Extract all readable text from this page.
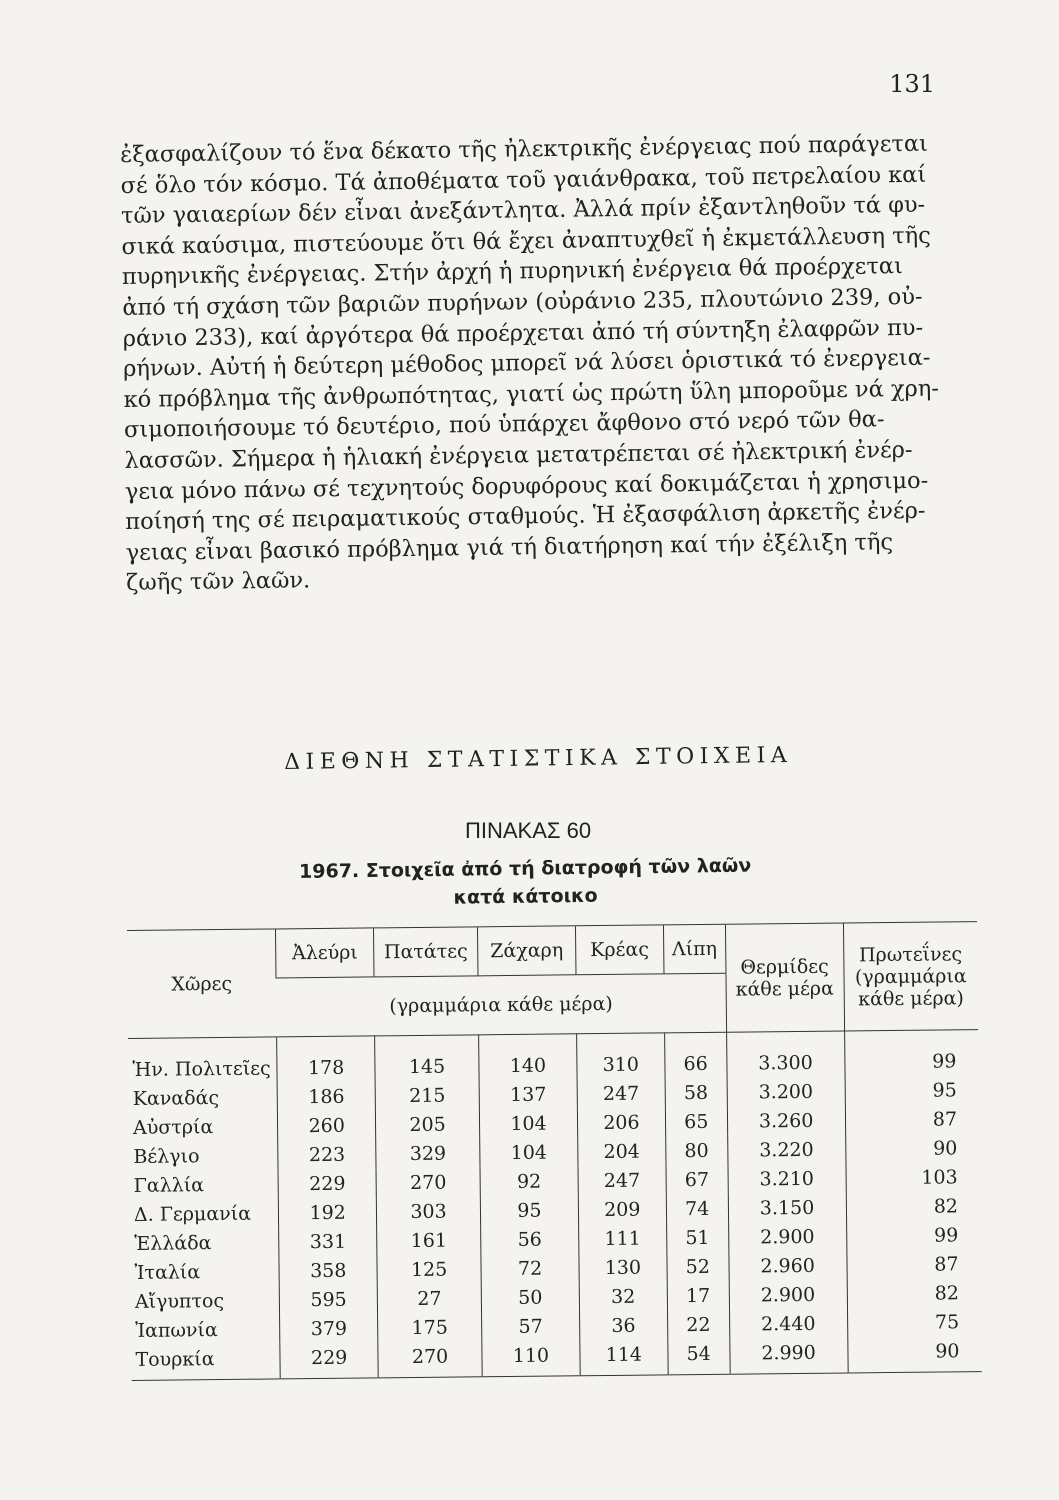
131
ἐξασφαλίζουν τό ἕνα δέκατο τῆς ἠλεκτρικῆς ἐνέργειας πού παράγεται
σέ ὅλο τόν κόσμο. Τά ἀποθέματα τοῦ γαιάνθρακα, τοῦ πετρελαίου καί
τῶν γαιαερίων δέν εἶναι ἀνεξάντλητα. Ἀλλά πρίν ἐξαντληθοῦν τά φυ-
σικά καύσιμα, πιστεύουμε ὅτι θά ἔχει ἀναπτυχθεῖ ἡ ἐκμετάλλευση τῆς
πυρηνικῆς ἐνέργειας. Στήν ἀρχή ἡ πυρηνική ἐνέργεια θά προέρχεται
ἀπό τή σχάση τῶν βαριῶν πυρήνων (οὐράνιο 235, πλουτώνιο 239, οὐ-
ράνιο 233), καί ἀργότερα θά προέρχεται ἀπό τή σύντηξη ἐλαφρῶν πυ-
ρήνων. Αὐτή ἡ δεύτερη μέθοδος μπορεῖ νά λύσει ὁριστικά τό ἐνεργεια-
κό πρόβλημα τῆς ἀνθρωπότητας, γιατί ὡς πρώτη ὕλη μποροῦμε νά χρη-
σιμοποιήσουμε τό δευτέριο, πού ὑπάρχει ἄφθονο στό νερό τῶν θα-
λασσῶν. Σήμερα ἡ ἡλιακή ἐνέργεια μετατρέπεται σέ ἠλεκτρική ἐνέρ-
γεια μόνο πάνω σέ τεχνητούς δορυφόρους καί δοκιμάζεται ἡ χρησιμο-
ποίησή της σέ πειραματικούς σταθμούς. Ἡ ἐξασφάλιση ἀρκετῆς ἐνέρ-
γειας εἶναι βασικό πρόβλημα γιά τή διατήρηση καί τήν ἐξέλιξη τῆς
ζωῆς τῶν λαῶν.
ΔΙΕΘΝΗ ΣΤΑΤΙΣΤΙΚΑ ΣΤΟΙΧΕΙΑ
ΠΙΝΑΚΑΣ 60
1967. Στοιχεῖα ἀπό τή διατροφή τῶν λαῶν
κατά κάτοικο
Χῶρες	Ἀλεύρι	Πατάτες	Ζάχαρη	Κρέας	Λίπη	Θερμίδες κάθε μέρα	Πρωτεΐνες (γραμμάρια κάθε μέρα)
	(γραμμάρια κάθε μέρα)						
Ἡν. Πολιτεῖες	178	145	140	310	66	3.300	99
Καναδάς	186	215	137	247	58	3.200	95
Αὐστρία	260	205	104	206	65	3.260	87
Βέλγιο	223	329	104	204	80	3.220	90
Γαλλία	229	270	92	247	67	3.210	103
Δ. Γερμανία	192	303	95	209	74	3.150	82
Ἑλλάδα	331	161	56	111	51	2.900	99
Ἰταλία	358	125	72	130	52	2.960	87
Αἴγυπτος	595	27	50	32	17	2.900	82
Ἰαπωνία	379	175	57	36	22	2.440	75
Τουρκία	229	270	110	114	54	2.990	90
